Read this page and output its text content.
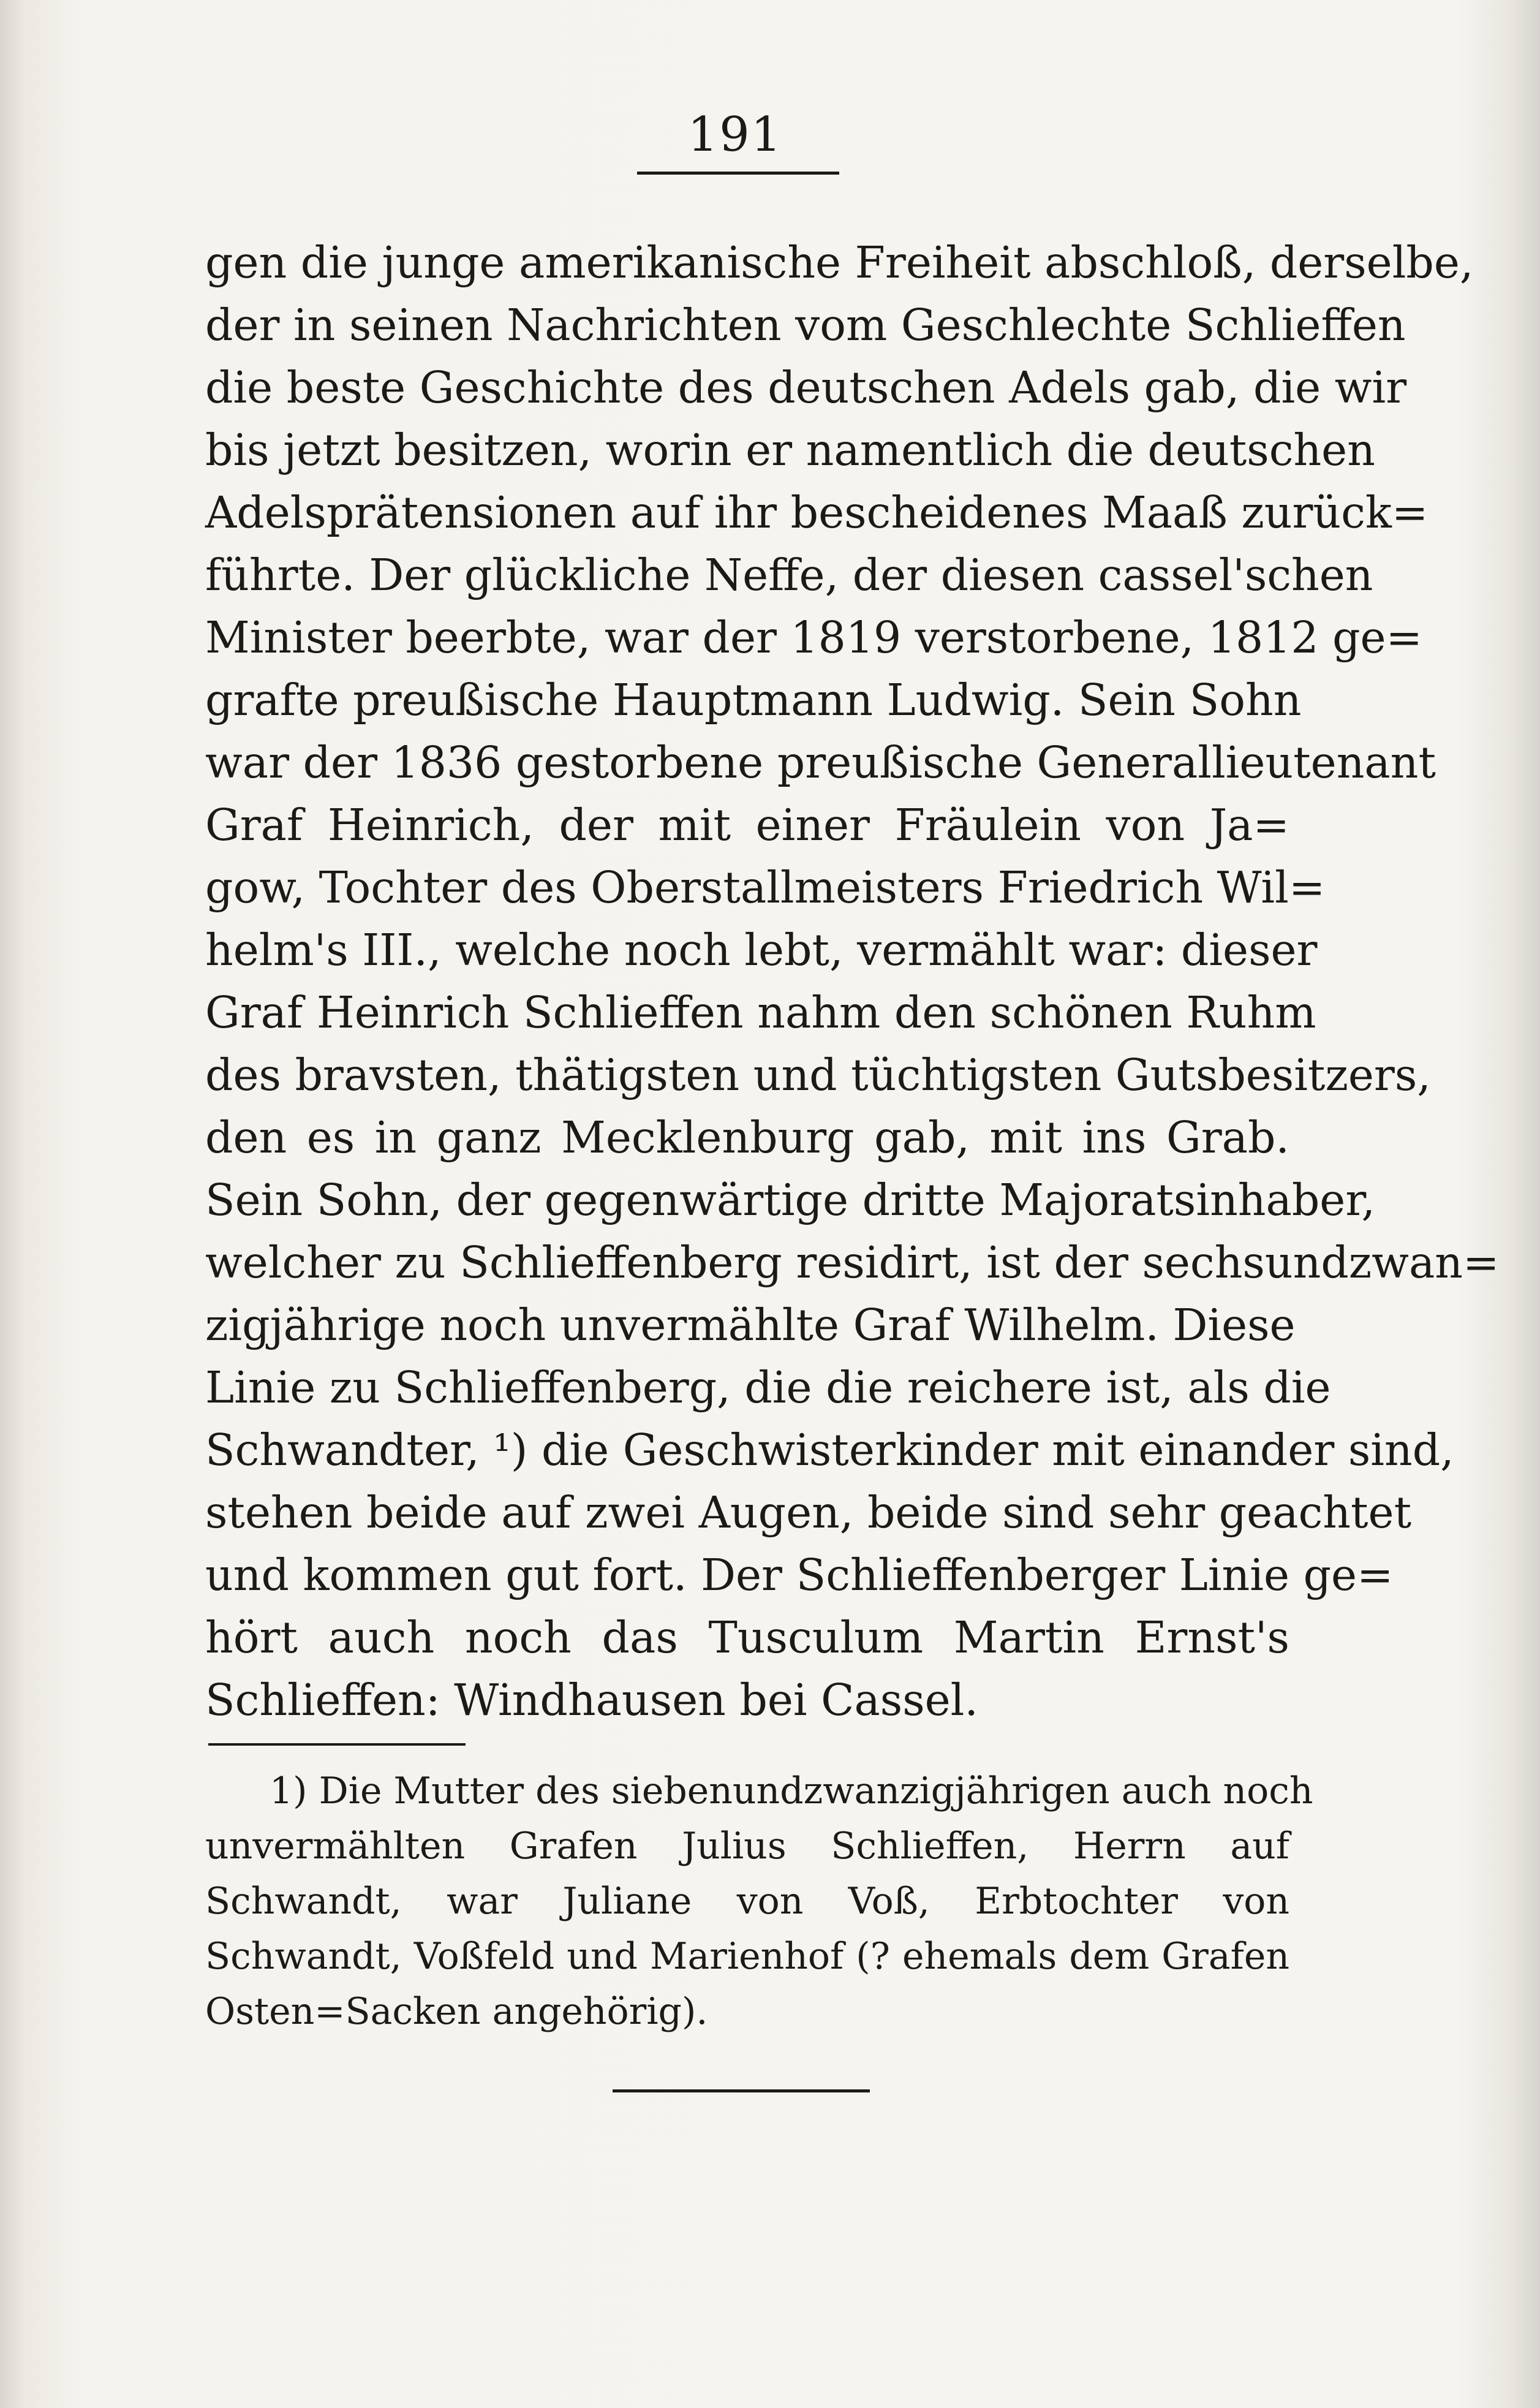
191
gen die junge amerikanische Freiheit abschloß, derselbe,
der in seinen Nachrichten vom Geschlechte Schlieffen
die beste Geschichte des deutschen Adels gab, die wir
bis jetzt besitzen, worin er namentlich die deutschen
Adelsprätensionen auf ihr bescheidenes Maaß zurück=
führte. Der glückliche Neffe, der diesen cassel'schen
Minister beerbte, war der 1819 verstorbene, 1812 ge=
grafte preußische Hauptmann Ludwig. Sein Sohn
war der 1836 gestorbene preußische Generallieutenant
Graf Heinrich, der mit einer Fräulein von Ja=
gow, Tochter des Oberstallmeisters Friedrich Wil=
helm's III., welche noch lebt, vermählt war: dieser
Graf Heinrich Schlieffen nahm den schönen Ruhm
des bravsten, thätigsten und tüchtigsten Gutsbesitzers,
den es in ganz Mecklenburg gab, mit ins Grab.
Sein Sohn, der gegenwärtige dritte Majoratsinhaber,
welcher zu Schlieffenberg residirt, ist der sechsundzwan=
zigjährige noch unvermählte Graf Wilhelm. Diese
Linie zu Schlieffenberg, die die reichere ist, als die
Schwandter, ¹) die Geschwisterkinder mit einander sind,
stehen beide auf zwei Augen, beide sind sehr geachtet
und kommen gut fort. Der Schlieffenberger Linie ge=
hört auch noch das Tusculum Martin Ernst's
Schlieffen: Windhausen bei Cassel.
1) Die Mutter des siebenundzwanzigjährigen auch noch
unvermählten Grafen Julius Schlieffen, Herrn auf
Schwandt, war Juliane von Voß, Erbtochter von
Schwandt, Voßfeld und Marienhof (? ehemals dem Grafen
Osten=Sacken angehörig).
